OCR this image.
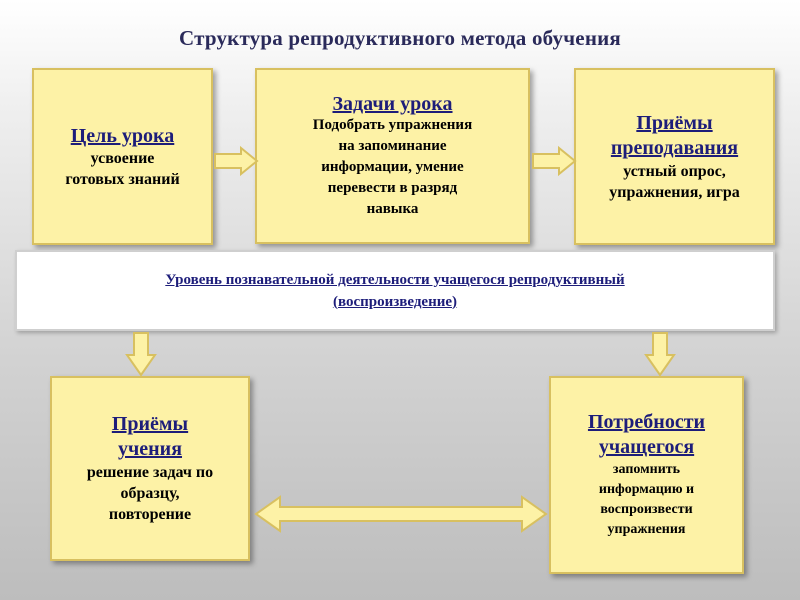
Структура репродуктивного метода обучения
Цель урока
усвоение
готовых знаний
Задачи урока
Подобрать упражнения
на запоминание
информации, умение
перевести в разряд
навыка
Приёмы
преподавания
устный опрос,
упражнения, игра
Уровень познавательной деятельности учащегося репродуктивный
(воспроизведение)
Приёмы
учения
решение задач по
образцу,
повторение
Потребности
учащегося
запомнить
информацию и
воспроизвести
упражнения
